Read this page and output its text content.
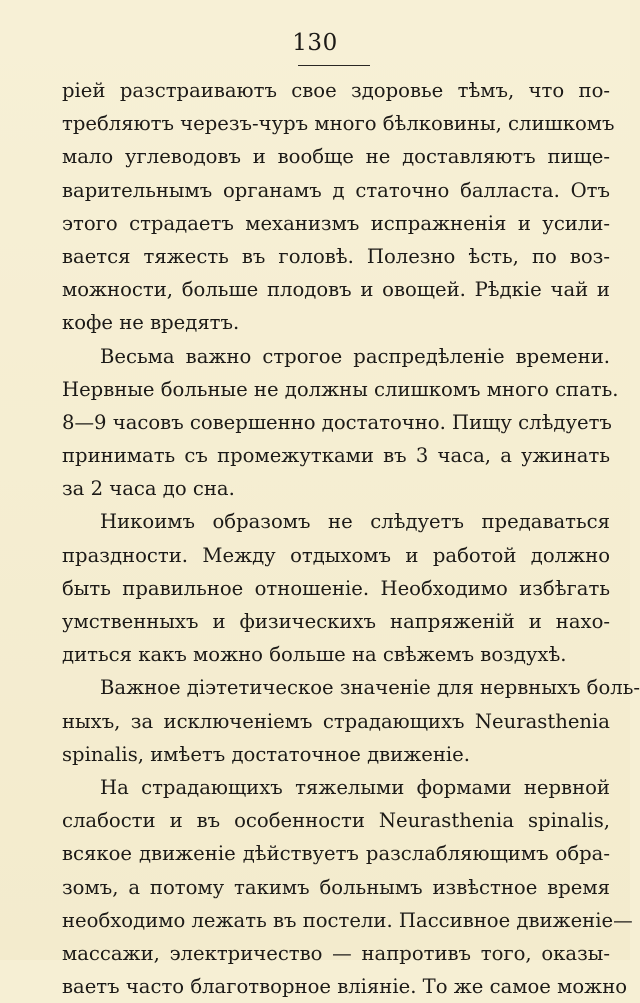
130
ріей разстраиваютъ свое здоровье тѣмъ, что по-
требляютъ черезъ-чуръ много бѣлковины, слишкомъ
мало углеводовъ и вообще не доставляютъ пище-
варительнымъ органамъ д статочно балласта. Отъ
этого страдаетъ механизмъ испражненія и усили-
вается тяжесть въ головѣ. Полезно ѣсть, по воз-
можности, больше плодовъ и овощей. Рѣдкіе чай и
кофе не вредятъ.
Весьма важно строгое распредѣленіе времени.
Нервные больные не должны слишкомъ много спать.
8—9 часовъ совершенно достаточно. Пищу слѣдуетъ
принимать съ промежутками въ 3 часа, а ужинать
за 2 часа до сна.
Никоимъ образомъ не слѣдуетъ предаваться
праздности. Между отдыхомъ и работой должно
быть правильное отношеніе. Необходимо избѣгать
умственныхъ и физическихъ напряженій и нахо-
диться какъ можно больше на свѣжемъ воздухѣ.
Важное діэтетическое значеніе для нервныхъ боль-
ныхъ, за исключеніемъ страдающихъ Neurasthenia
spinalis, имѣетъ достаточное движеніе.
На страдающихъ тяжелыми формами нервной
слабости и въ особенности Neurasthenia spinalis,
всякое движеніе дѣйствуетъ разслабляющимъ обра-
зомъ, а потому такимъ больнымъ извѣстное время
необходимо лежать въ постели. Пассивное движеніе—
массажи, электричество — напротивъ того, оказы-
ваетъ часто благотворное вліяніе. То же самое можно
